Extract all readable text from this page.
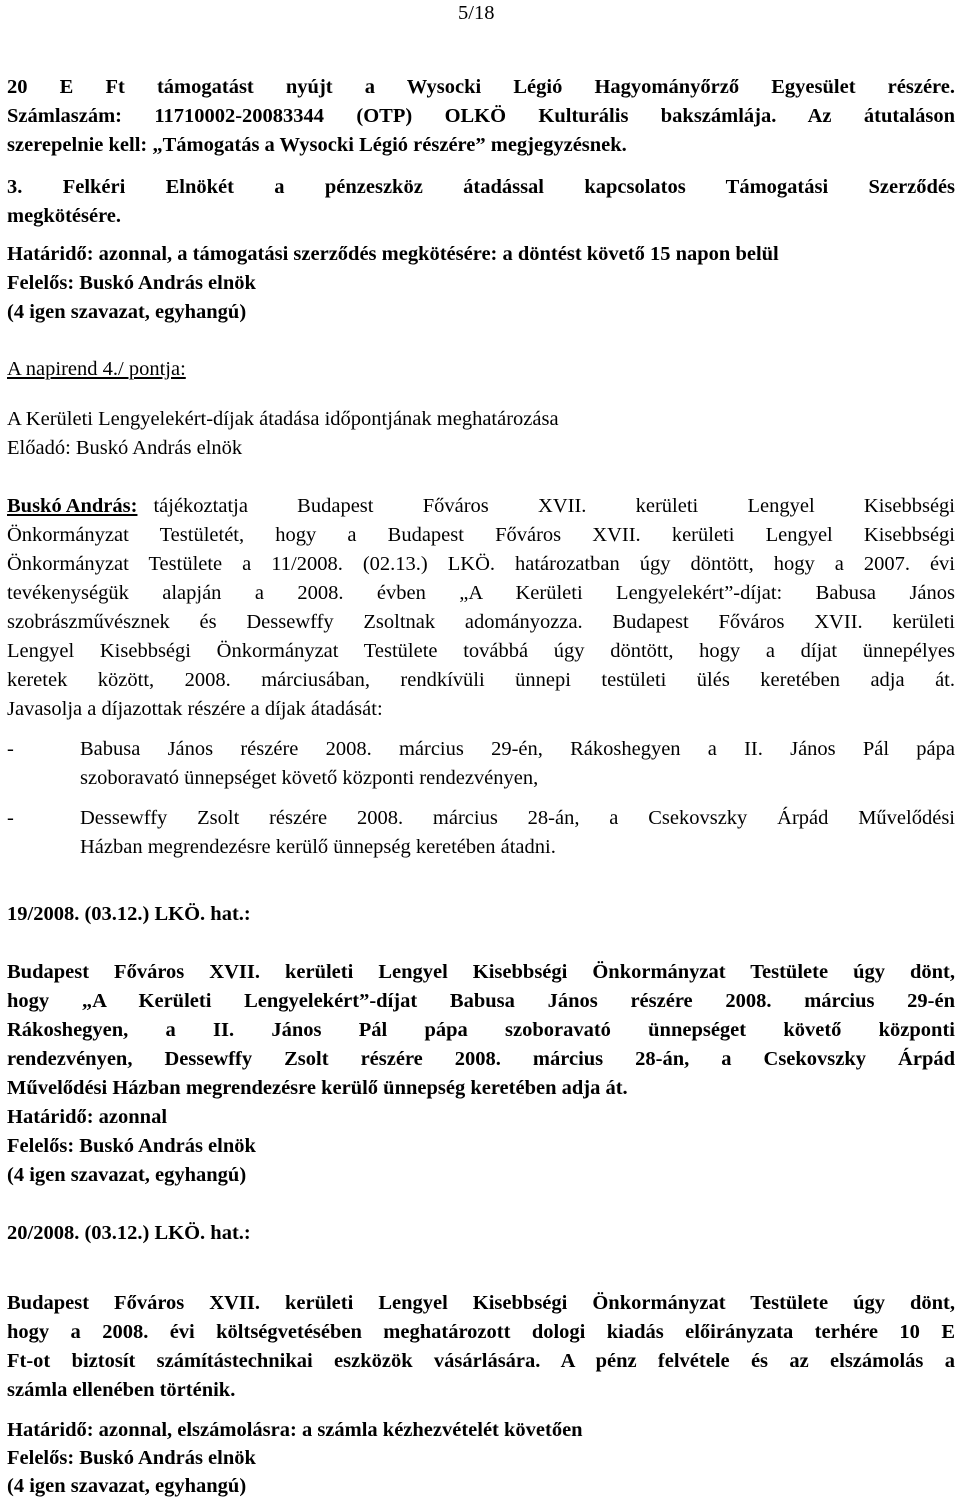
5/18
20 E Ft támogatást nyújt a Wysocki Légió Hagyományőrző Egyesület részére.
Számlaszám: 11710002-20083344 (OTP) OLKÖ Kulturális bakszámlája. Az átutaláson
szerepelnie kell: „Támogatás a Wysocki Légió részére” megjegyzésnek.
3. Felkéri Elnökét a pénzeszköz átadással kapcsolatos Támogatási Szerződés
megkötésére.
Határidő: azonnal, a támogatási szerződés megkötésére: a döntést követő 15 napon belül
Felelős: Buskó András elnök
(4 igen szavazat, egyhangú)
A napirend 4./ pontja:
A Kerületi Lengyelekért-díjak átadása időpontjának meghatározása
Előadó: Buskó András elnök
Buskó András: tájékoztatja Budapest Főváros XVII. kerületi Lengyel Kisebbségi
Önkormányzat Testületét, hogy a Budapest Főváros XVII. kerületi Lengyel Kisebbségi
Önkormányzat Testülete a 11/2008. (02.13.) LKÖ. határozatban úgy döntött, hogy a 2007. évi
tevékenységük alapján a 2008. évben „A Kerületi Lengyelekért”-díjat: Babusa János
szobrászművésznek és Dessewffy Zsoltnak adományozza. Budapest Főváros XVII. kerületi
Lengyel Kisebbségi Önkormányzat Testülete továbbá úgy döntött, hogy a díjat ünnepélyes
keretek között, 2008. márciusában, rendkívüli ünnepi testületi ülés keretében adja át.
Javasolja a díjazottak részére a díjak átadását:
-	Babusa János részére 2008. március 29-én, Rákoshegyen a II. János Pál pápa
szoboravató ünnepséget követő központi rendezvényen,
-	Dessewffy Zsolt részére 2008. március 28-án, a Csekovszky Árpád Művelődési
Házban megrendezésre kerülő ünnepség keretében átadni.
19/2008. (03.12.) LKÖ. hat.:
Budapest Főváros XVII. kerületi Lengyel Kisebbségi Önkormányzat Testülete úgy dönt,
hogy „A Kerületi Lengyelekért”-díjat Babusa János részére 2008. március 29-én
Rákoshegyen, a II. János Pál pápa szoboravató ünnepséget követő központi
rendezvényen, Dessewffy Zsolt részére 2008. március 28-án, a Csekovszky Árpád
Művelődési Házban megrendezésre kerülő ünnepség keretében adja át.
Határidő: azonnal
Felelős: Buskó András elnök
(4 igen szavazat, egyhangú)
20/2008. (03.12.) LKÖ. hat.:
Budapest Főváros XVII. kerületi Lengyel Kisebbségi Önkormányzat Testülete úgy dönt,
hogy a 2008. évi költségvetésében meghatározott dologi kiadás előirányzata terhére 10 E
Ft-ot biztosít számítástechnikai eszközök vásárlására. A pénz felvétele és az elszámolás a
számla ellenében történik.
Határidő: azonnal, elszámolásra: a számla kézhezvételét követően
Felelős: Buskó András elnök
(4 igen szavazat, egyhangú)
